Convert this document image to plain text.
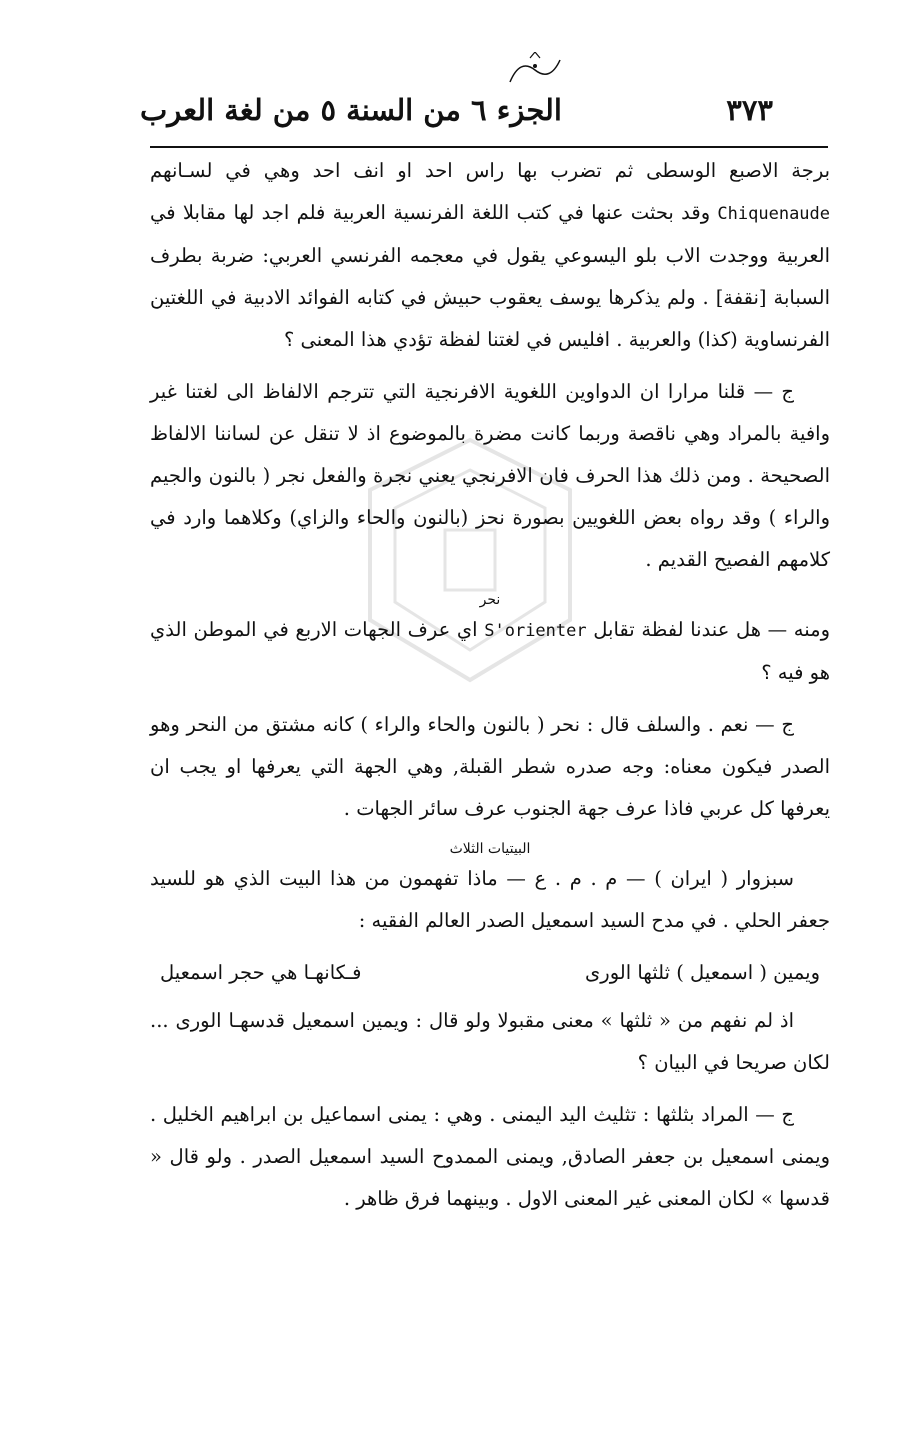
٣٧٣
الجزء ٦ من السنة ٥ من لغة العرب

برجة الاصبع الوسطى ثم تضرب بها راس احد او انف احد وهي في لسـانهم Chiquenaude وقد بحثت عنها في كتب اللغة الفرنسية العربية فلم اجد لها مقابلا في العربية ووجدت الاب بلو اليسوعي يقول في معجمه الفرنسي العربي: ضربة بطرف السبابة [نقفة] . ولم يذكرها يوسف يعقوب حبيش في كتابه الفوائد الادبية في اللغتين الفرنساوية (كذا) والعربية . افليس في لغتنا لفظة تؤدي هذا المعنى ؟

ج — قلنا مرارا ان الدواوين اللغوية الافرنجية التي تترجم الالفاظ الى لغتنا غير وافية بالمراد وهي ناقصة وربما كانت مضرة بالموضوع اذ لا تنقل عن لساننا الالفاظ الصحيحة . ومن ذلك هذا الحرف فان الافرنجي يعني نجرة والفعل نجر ( بالنون والجيم والراء ) وقد رواه بعض اللغويين بصورة نحز (بالنون والحاء والزاي) وكلاهما وارد في كلامهم الفصيح القديم .

نحر

ومنه — هل عندنا لفظة تقابل S'orienter اي عرف الجهات الاربع في الموطن الذي هو فيه ؟

ج — نعم . والسلف قال : نحر ( بالنون والحاء والراء ) كانه مشتق من النحر وهو الصدر فيكون معناه: وجه صدره شطر القبلة, وهي الجهة التي يعرفها او يجب ان يعرفها كل عربي فاذا عرف جهة الجنوب عرف سائر الجهات .

البيتيات الثلاث

سبزوار ( ايران ) — م . م . ع — ماذا تفهمون من هذا البيت الذي هو للسيد جعفر الحلي . في مدح السيد اسمعيل الصدر العالم الفقيه :

ويمين ( اسمعيل ) ثلثها الورى
فـكانهـا هي حجر اسمعيل

اذ لم نفهم من « ثلثها » معنى مقبولا ولو قال : ويمين اسمعيل قدسهـا الورى ... لكان صريحا في البيان ؟

ج — المراد بثلثها : تثليث اليد اليمنى . وهي : يمنى اسماعيل بن ابراهيم الخليل . ويمنى اسمعيل بن جعفر الصادق, ويمنى الممدوح السيد اسمعيل الصدر . ولو قال « قدسها » لكان المعنى غير المعنى الاول . وبينهما فرق ظاهر .
